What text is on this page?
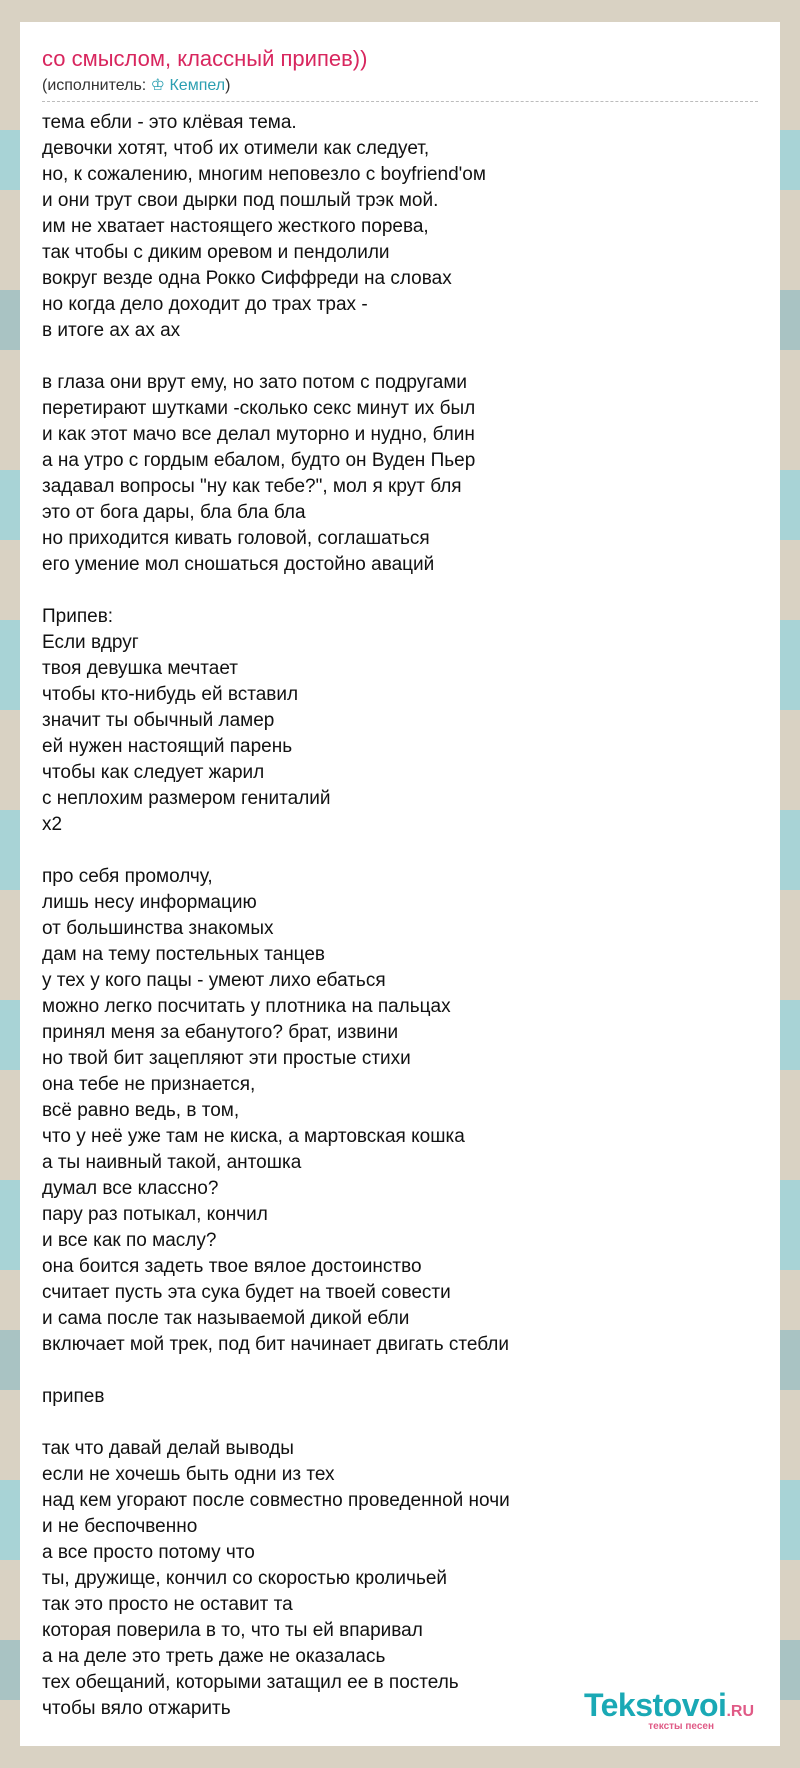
со смыслом, классный припев))
(исполнитель: ♔ Кемпел)
тема ебли - это клёвая тема.
девочки хотят, чтоб их отимели как следует,
но, к сожалению, многим неповезло с boyfriend'ом
и они трут свои дырки под пошлый трэк мой.
им не хватает настоящего жесткого порева,
так чтобы с диким оревом и пендолили
вокруг везде одна Рокко Сиффреди на словах
но когда дело доходит до трах трах -
в итоге ах ах ах
в глаза они врут ему, но зато потом с подругами
перетирают шутками -сколько секс минут их был
и как этот мачо все делал муторно и нудно, блин
а на утро с гордым ебалом, будто он Вуден Пьер
задавал вопросы "ну как тебе?", мол я крут бля
это от бога дары, бла бла бла
но приходится кивать головой, соглашаться
его умение мол сношаться достойно аваций
Припев:
Если вдруг
твоя девушка мечтает
чтобы кто-нибудь ей вставил
значит ты обычный ламер
ей нужен настоящий парень
чтобы как следует жарил
с неплохим размером гениталий
x2
про себя промолчу,
лишь несу информацию
от большинства знакомых
дам на тему постельных танцев
у тех у кого пацы - умеют лихо ебаться
можно легко посчитать у плотника на пальцах
принял меня за ебанутого? брат, извини
но твой бит зацепляют эти простые стихи
она тебе не признается,
всё равно ведь, в том,
что у неё уже там не киска, а мартовская кошка
а ты наивный такой, антошка
думал все классно?
пару раз потыкал, кончил
и все как по маслу?
она боится задеть твое вялое достоинство
считает пусть эта сука будет на твоей совести
и сама после так называемой дикой ебли
включает мой трек, под бит начинает двигать стебли
припев
так что давай делай выводы
если не хочешь быть одни из тех
над кем угорают после совместно проведенной ночи
и не беспочвенно
а все просто потому что
ты, дружище, кончил со скоростью кроличьей
так это просто не оставит та
которая поверила в то, что ты ей впаривал
а на деле это треть даже не оказалась
тех обещаний, которыми затащил ее в постель
чтобы вяло отжарить	Tekstovoi.RU
тексты песен
